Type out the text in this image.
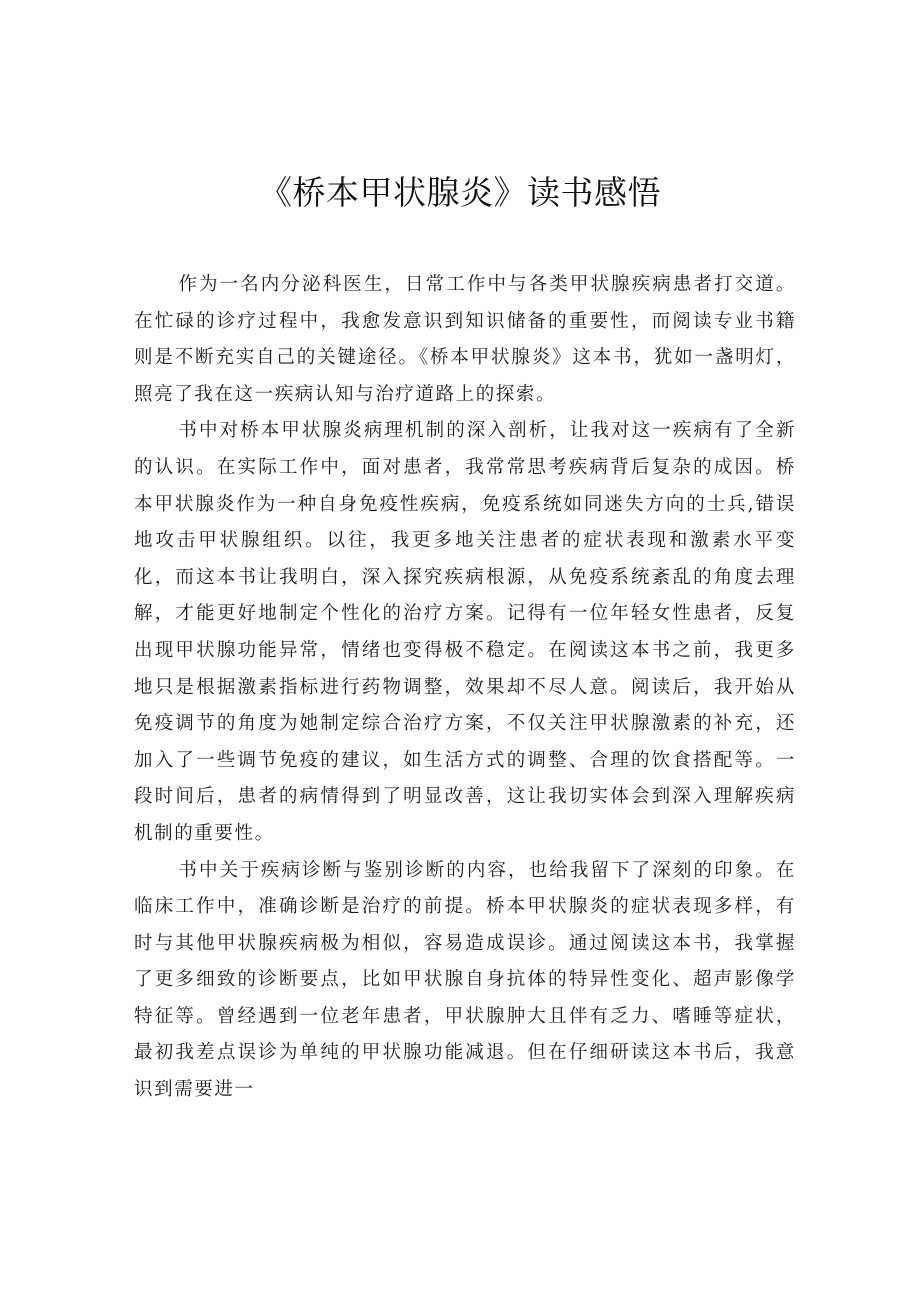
《桥本甲状腺炎》读书感悟

作为一名内分泌科医生，日常工作中与各类甲状腺疾病患者打交道。在忙碌的诊疗过程中，我愈发意识到知识储备的重要性，而阅读专业书籍则是不断充实自己的关键途径。《桥本甲状腺炎》这本书，犹如一盏明灯，照亮了我在这一疾病认知与治疗道路上的探索。

书中对桥本甲状腺炎病理机制的深入剖析，让我对这一疾病有了全新的认识。在实际工作中，面对患者，我常常思考疾病背后复杂的成因。桥本甲状腺炎作为一种自身免疫性疾病，免疫系统如同迷失方向的士兵,错误地攻击甲状腺组织。以往，我更多地关注患者的症状表现和激素水平变化，而这本书让我明白，深入探究疾病根源，从免疫系统紊乱的角度去理解，才能更好地制定个性化的治疗方案。记得有一位年轻女性患者，反复出现甲状腺功能异常，情绪也变得极不稳定。在阅读这本书之前，我更多地只是根据激素指标进行药物调整，效果却不尽人意。阅读后，我开始从免疫调节的角度为她制定综合治疗方案，不仅关注甲状腺激素的补充，还加入了一些调节免疫的建议，如生活方式的调整、合理的饮食搭配等。一段时间后，患者的病情得到了明显改善，这让我切实体会到深入理解疾病机制的重要性。

书中关于疾病诊断与鉴别诊断的内容，也给我留下了深刻的印象。在临床工作中，准确诊断是治疗的前提。桥本甲状腺炎的症状表现多样，有时与其他甲状腺疾病极为相似，容易造成误诊。通过阅读这本书，我掌握了更多细致的诊断要点，比如甲状腺自身抗体的特异性变化、超声影像学特征等。曾经遇到一位老年患者，甲状腺肿大且伴有乏力、嗜睡等症状，最初我差点误诊为单纯的甲状腺功能减退。但在仔细研读这本书后，我意识到需要进一
